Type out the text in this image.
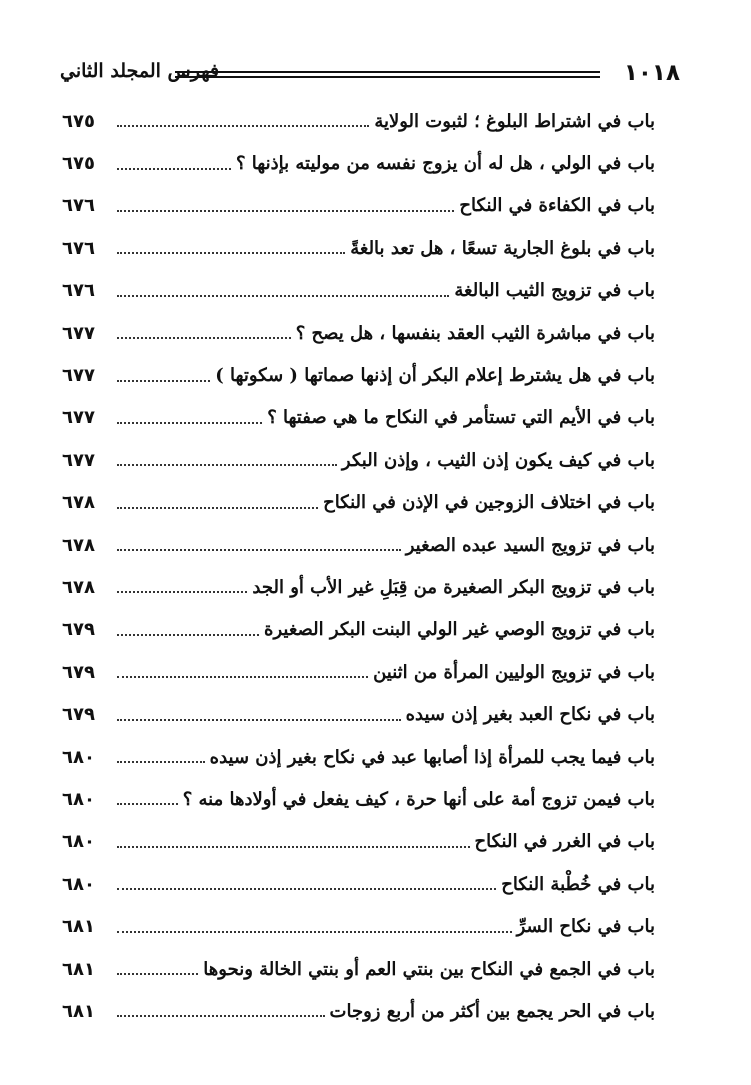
١٠١٨
فهرس المجلد الثاني
باب في اشتراط البلوغ ؛ لثبوت الولاية
٦٧٥
باب في الولي ، هل له أن يزوج نفسه من موليته بإذنها ؟
٦٧٥
باب في الكفاءة في النكاح
٦٧٦
باب في بلوغ الجارية تسعًا ، هل تعد بالغةً
٦٧٦
باب في تزويج الثيب البالغة
٦٧٦
باب في مباشرة الثيب العقد بنفسها ، هل يصح ؟
٦٧٧
باب في هل يشترط إعلام البكر أن إذنها صماتها ( سكوتها )
٦٧٧
باب في الأيم التي تستأمر في النكاح ما هي صفتها ؟
٦٧٧
باب في كيف يكون إذن الثيب ، وإذن البكر
٦٧٧
باب في اختلاف الزوجين في الإذن في النكاح
٦٧٨
باب في تزويج السيد عبده الصغير
٦٧٨
باب في تزويج البكر الصغيرة من قِبَلِ غير الأب أو الجد
٦٧٨
باب في تزويج الوصي غير الولي البنت البكر الصغيرة
٦٧٩
باب في تزويج الوليين المرأة من اثنين
٦٧٩
باب في نكاح العبد بغير إذن سيده
٦٧٩
باب فيما يجب للمرأة إذا أصابها عبد في نكاح بغير إذن سيده
٦٨٠
باب فيمن تزوج أمة على أنها حرة ، كيف يفعل في أولادها منه ؟
٦٨٠
باب في الغرر في النكاح
٦٨٠
باب في خُطْبة النكاح
٦٨٠
باب في نكاح السرِّ
٦٨١
باب في الجمع في النكاح بين بنتي العم أو بنتي الخالة ونحوها
٦٨١
باب في الحر يجمع بين أكثر من أربع زوجات
٦٨١
